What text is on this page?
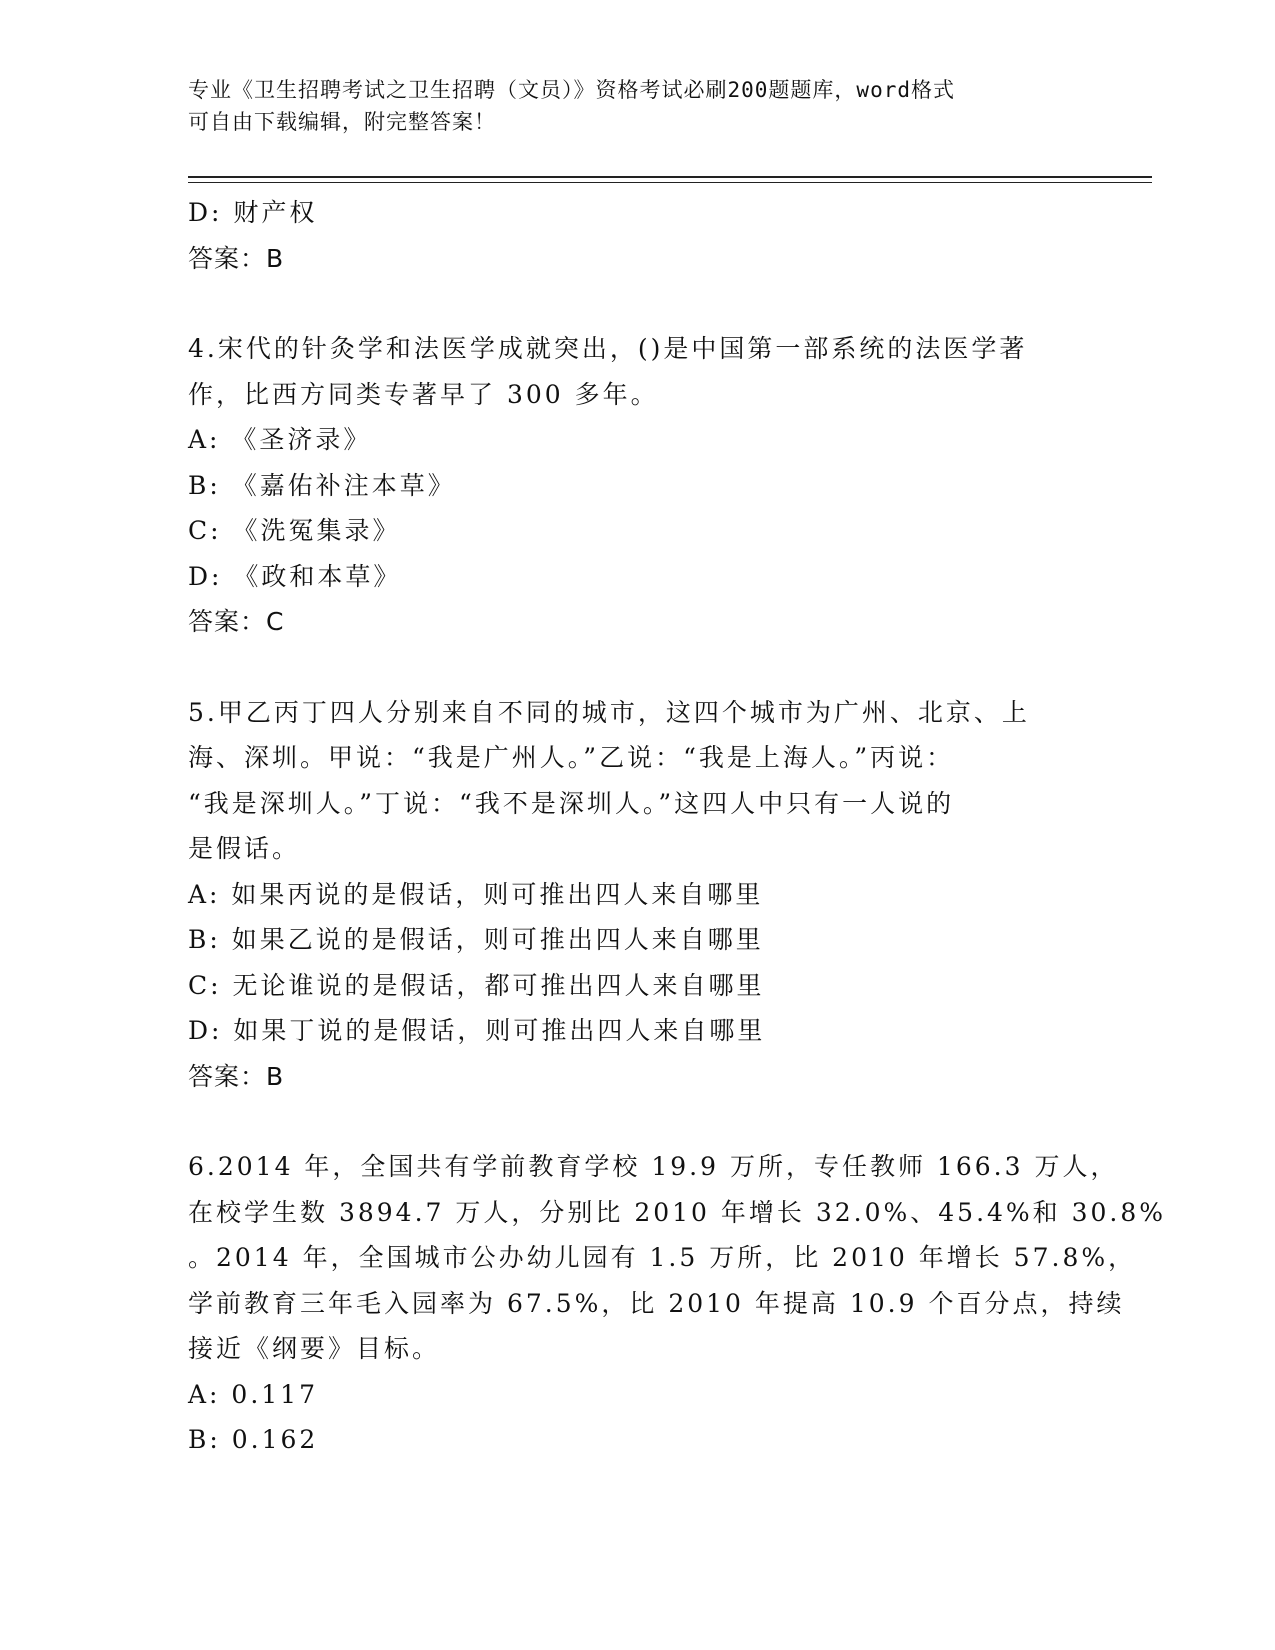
专业《卫生招聘考试之卫生招聘（文员）》资格考试必刷200题题库，word格式
可自由下载编辑，附完整答案！
D: 财产权
答案：B
4.宋代的针灸学和法医学成就突出，()是中国第一部系统的法医学著
作，比西方同类专著早了 300 多年。
A: 《圣济录》
B: 《嘉佑补注本草》
C: 《洗冤集录》
D: 《政和本草》
答案：C
5.甲乙丙丁四人分别来自不同的城市，这四个城市为广州、北京、上
海、深圳。甲说：“我是广州人。”乙说：“我是上海人。”丙说：
“我是深圳人。”丁说：“我不是深圳人。”这四人中只有一人说的
是假话。
A: 如果丙说的是假话，则可推出四人来自哪里
B: 如果乙说的是假话，则可推出四人来自哪里
C: 无论谁说的是假话，都可推出四人来自哪里
D: 如果丁说的是假话，则可推出四人来自哪里
答案：B
6.2014 年，全国共有学前教育学校 19.9 万所，专任教师 166.3 万人，
在校学生数 3894.7 万人，分别比 2010 年增长 32.0%、45.4%和 30.8%
。2014 年，全国城市公办幼儿园有 1.5 万所，比 2010 年增长 57.8%，
学前教育三年毛入园率为 67.5%，比 2010 年提高 10.9 个百分点，持续
接近《纲要》目标。
A: 0.117
B: 0.162
